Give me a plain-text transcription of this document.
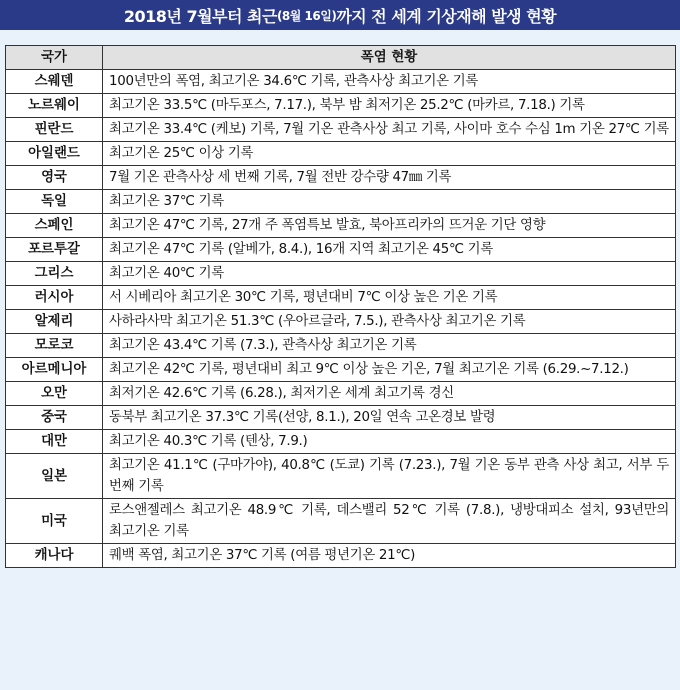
2018년 7월부터 최근 (8월 16일) 까지 전 세계 기상재해 발생 현황
국가	폭염 현황
스웨덴	100년만의 폭염, 최고기온 34.6℃ 기록, 관측사상 최고기온 기록
노르웨이	최고기온 33.5℃ (마두포스, 7.17.), 북부 밤 최저기온 25.2℃ (마카르, 7.18.) 기록
핀란드	최고기온 33.4℃ (케보) 기록, 7월 기온 관측사상 최고 기록, 사이마 호수 수심 1m 기온 27℃ 기록
아일랜드	최고기온 25℃ 이상 기록
영국	7월 기온 관측사상 세 번째 기록, 7월 전반 강수량 47㎜ 기록
독일	최고기온 37℃ 기록
스페인	최고기온 47℃ 기록, 27개 주 폭염특보 발효, 북아프리카의 뜨거운 기단 영향
포르투갈	최고기온 47℃ 기록 (알베가, 8.4.), 16개 지역 최고기온 45℃ 기록
그리스	최고기온 40℃ 기록
러시아	서 시베리아 최고기온 30℃ 기록, 평년대비 7℃ 이상 높은 기온 기록
알제리	사하라사막 최고기온 51.3℃ (우아르글라, 7.5.), 관측사상 최고기온 기록
모로코	최고기온 43.4℃ 기록 (7.3.), 관측사상 최고기온 기록
아르메니아	최고기온 42℃ 기록, 평년대비 최고 9℃ 이상 높은 기온, 7월 최고기온 기록 (6.29.~7.12.)
오만	최저기온 42.6℃ 기록 (6.28.), 최저기온 세계 최고기록 경신
중국	동북부 최고기온 37.3℃ 기록(선양, 8.1.), 20일 연속 고온경보 발령
대만	최고기온 40.3℃ 기록 (텐상, 7.9.)
일본	최고기온 41.1℃ (구마가야), 40.8℃ (도쿄) 기록 (7.23.), 7월 기온 동부 관측 사상 최고, 서부 두 번째 기록
미국	로스앤젤레스 최고기온 48.9℃ 기록, 데스밸리 52℃ 기록 (7.8.), 냉방대피소 설치, 93년만의 최고기온 기록
캐나다	퀘백 폭염, 최고기온 37℃ 기록 (여름 평년기온 21℃)
